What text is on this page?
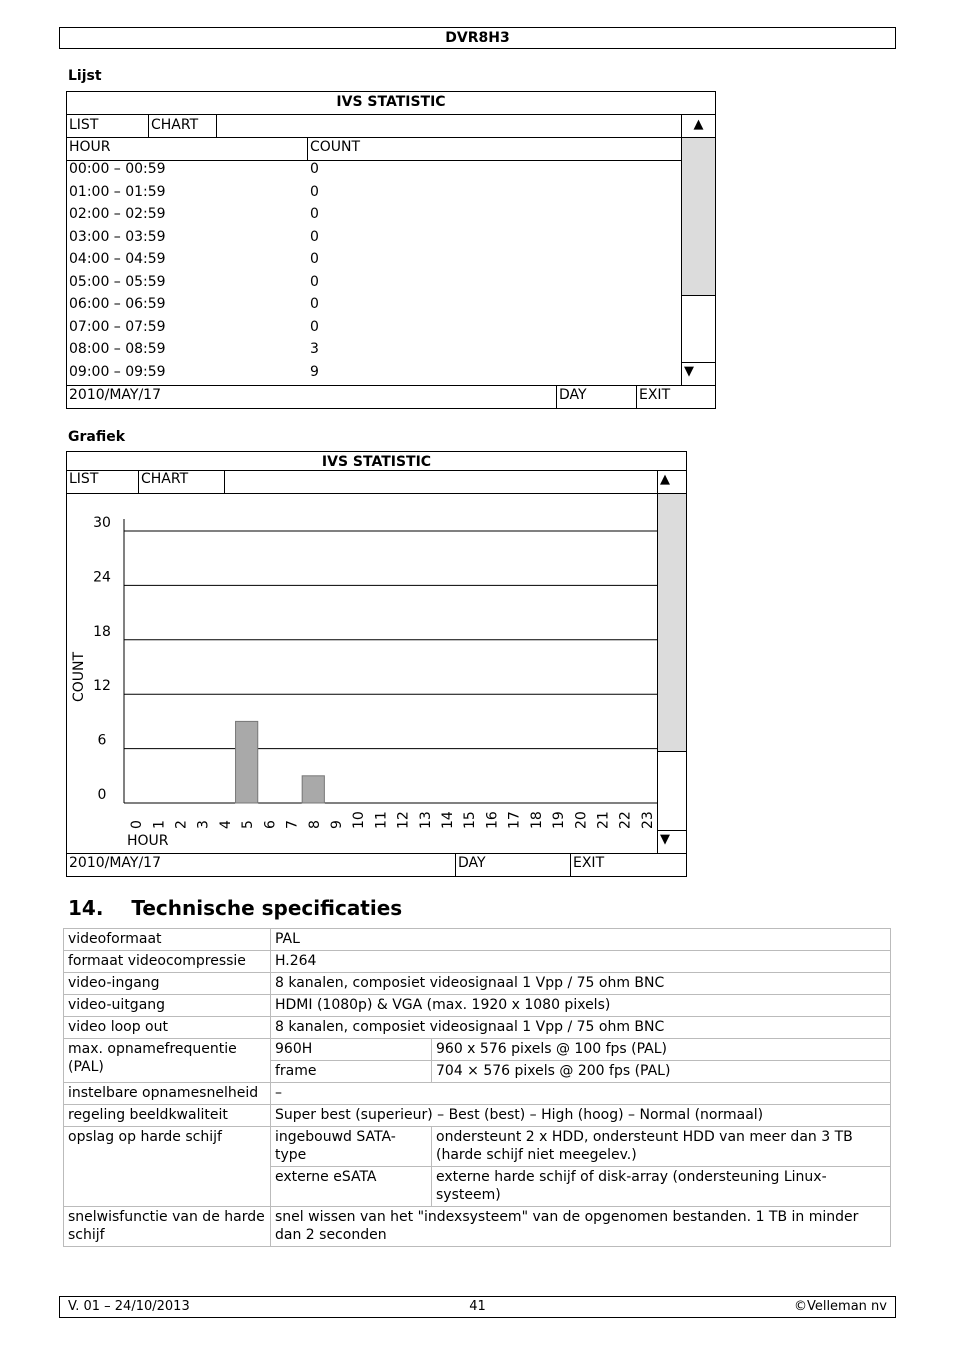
DVR8H3
Lijst
IVS STATISTIC
LIST	CHART	▲
▼
HOUR	COUNT
00:00 – 00:59	0
01:00 – 01:59	0
02:00 – 02:59	0
03:00 – 03:59	0
04:00 – 04:59	0
05:00 – 05:59	0
06:00 – 06:59	0
07:00 – 07:59	0
08:00 – 08:59	3
09:00 – 09:59	9
2010/MAY/17	DAY	EXIT
Grafiek
IVS STATISTIC
LIST	CHART	▲
▼
0
6
12
18
24
30
0 1 2 3 4 5 6 7 8 9 10 11 12 13 14 15 16 17 18 19 20 21 22 23
HOUR
COUNT
2010/MAY/17	DAY	EXIT
14. Technische specificaties
videoformaat	PAL	
formaat videocompressie	H.264	
video-ingang	8 kanalen, composiet videosignaal 1 Vpp / 75 ohm BNC	
video-uitgang	HDMI (1080p) & VGA (max. 1920 x 1080 pixels)	
video loop out	8 kanalen, composiet videosignaal 1 Vpp / 75 ohm BNC	
max. opnamefrequentie (PAL)	960H	960 x 576 pixels @ 100 fps (PAL)
	frame	704 × 576 pixels @ 200 fps (PAL)
instelbare opnamesnelheid	–	
regeling beeldkwaliteit	Super best (superieur) – Best (best) – High (hoog) – Normal (normaal)	
opslag op harde schijf	ingebouwd SATA-type	ondersteunt 2 x HDD, ondersteunt HDD van meer dan 3 TB (harde schijf niet meegelev.)
	externe eSATA	externe harde schijf of disk-array (ondersteuning Linux-systeem)
snelwisfunctie van de harde schijf	snel wissen van het "indexsysteem" van de opgenomen bestanden. 1 TB in minder dan 2 seconden	
V. 01 – 24/10/2013	41	©Velleman nv
